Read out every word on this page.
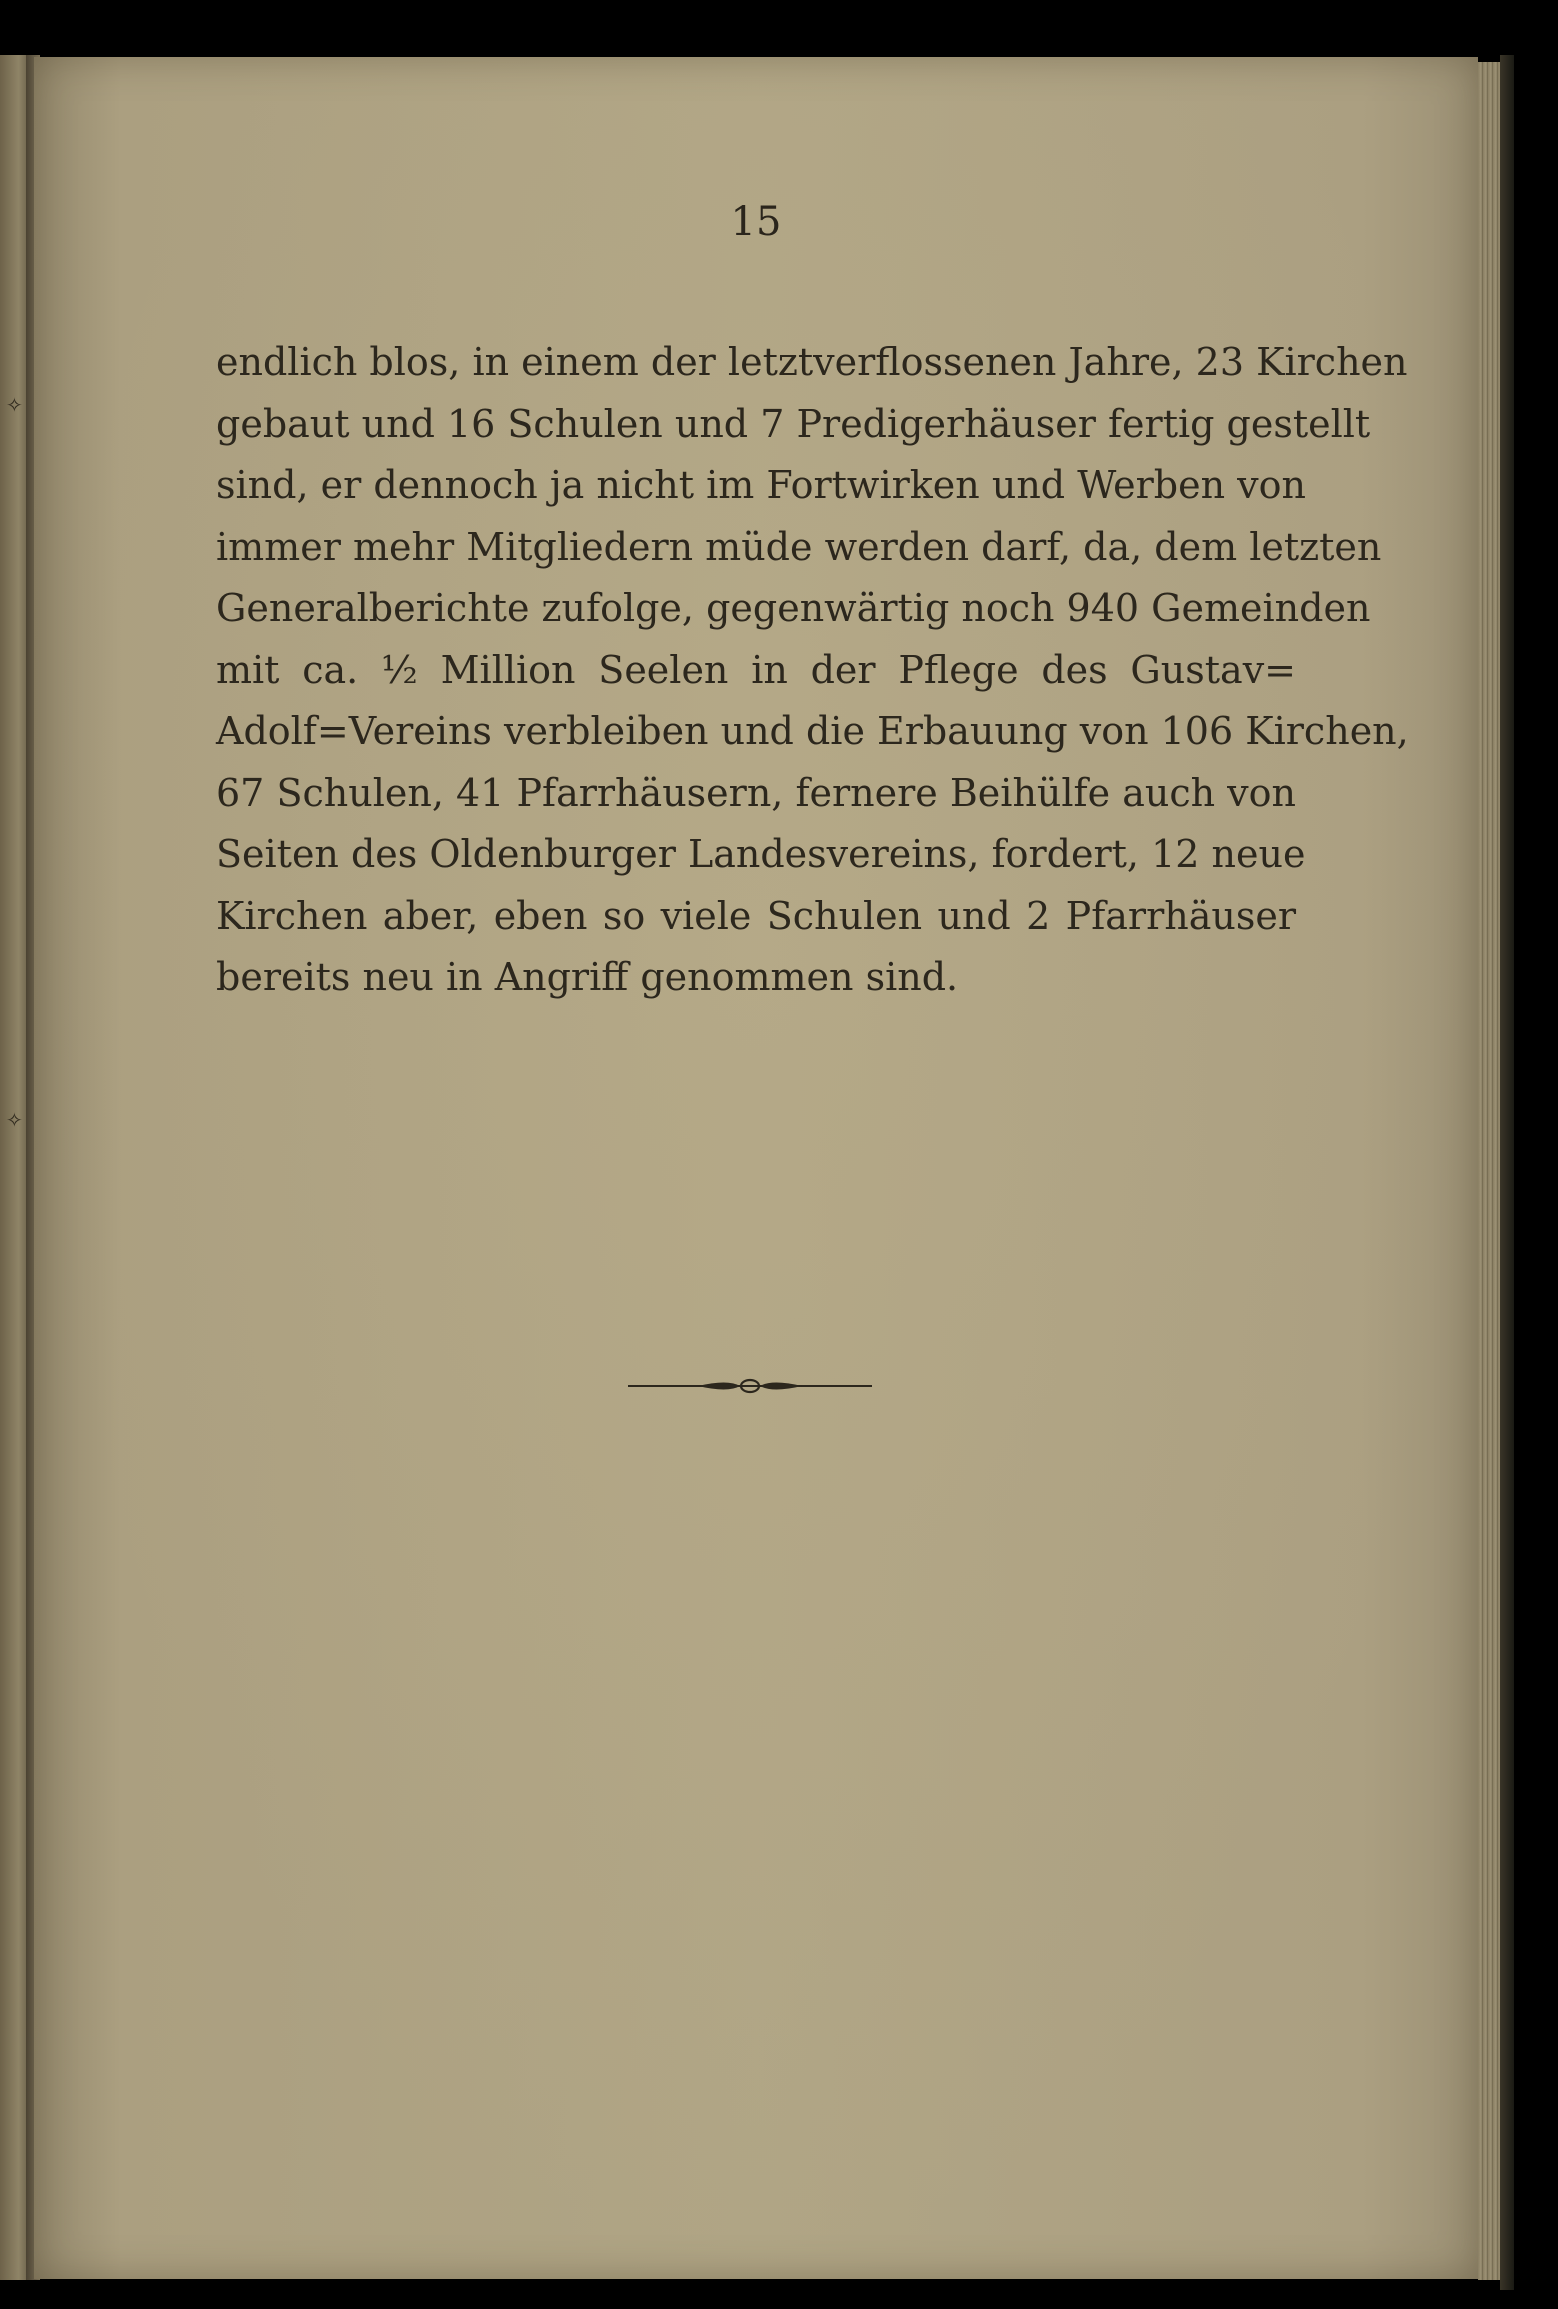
✧
✧

15

endlich blos, in einem der letztverflossenen Jahre, 23 Kirchen
gebaut und 16 Schulen und 7 Predigerhäuser fertig gestellt
sind, er dennoch ja nicht im Fortwirken und Werben von
immer mehr Mitgliedern müde werden darf, da, dem letzten
Generalberichte zufolge, gegenwärtig noch 940 Gemeinden
mit ca. ½ Million Seelen in der Pflege des Gustav=
Adolf=Vereins verbleiben und die Erbauung von 106 Kirchen,
67 Schulen, 41 Pfarrhäusern, fernere Beihülfe auch von
Seiten des Oldenburger Landesvereins, fordert, 12 neue
Kirchen aber, eben so viele Schulen und 2 Pfarrhäuser
bereits neu in Angriff genommen sind.
